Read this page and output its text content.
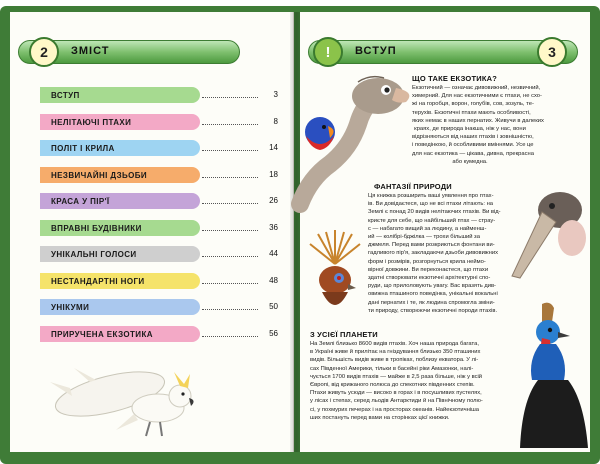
2	ЗМІСТ
ВСТУП	3
НЕЛІТАЮЧІ ПТАХИ	8
ПОЛІТ І КРИЛА	14
НЕЗВИЧАЙНІ ДЗЬОБИ	18
КРАСА У ПІР'Ї	26
ВПРАВНІ БУДІВНИКИ	36
УНІКАЛЬНІ ГОЛОСИ	44
НЕСТАНДАРТНІ НОГИ	48
УНІКУМИ	50
ПРИРУЧЕНА ЕКЗОТИКА	56
!	ВСТУП	3
ЩО ТАКЕ ЕКЗОТИКА?
Екзотичний — означає дивовижний, незвичний,
химерний. Для нас екзотичними є птахи, не схо-
жі на горобця, ворон, голубів, сов, зозуль, те-
терухів. Екзотичні птахи мають особливості,
яких немає в наших пернатих. Живучи в далеких
краях, де природа інакша, ніж у нас, вони
відрізняються від наших птахів і зовнішністю,
і поведінкою, й особливими вміннями. Усе це
для нас екзотика — цікава, дивна, прекрасна
або кумедна.
ФАНТАЗІЇ ПРИРОДИ
Ця книжка розширить ваші уявлення про птах-
ів. Ви довідаєтеся, що не всі птахи літають: на
Землі є понад 20 видів нелітаючих птахів. Ви від-
криєте для себе, що найбільший птах — страу-
с — набагато вищий за людину, а найменш-
ий — колібрі-бджілка — трохи більший за
джмеля. Перед вами розкриються фонтани ви-
гадливого пір'я, закладаючи дзьоби дивовижних
форм і розмірів, розгорнуться крила неймо-
вірної довжини. Ви переконаєтеся, що птахи
здатні створювати екзотичні архітектурні спо-
руди, що прилоловують увагу. Вас вразять див-
овижна пташиного поведінка, унікальні вокальні
дані пернатих і те, як людина спромогла зміни-
ти природу, створюючи екзотичні породи птахів.
З УСІЄЇ ПЛАНЕТИ
На Землі близько 8600 видів птахів. Хоч наша природа багата,
в Україні живе й прилітає на гніздування близько 350 пташиних
видів. Більшість видів живе в тропіках, поблизу екватора. У лі-
сах Південної Америки, тільки в басейні ріки Амазонки, налі-
чується 1700 видів птахів — майже в 2,5 раза більше, ніж у всій
Європі, від крижаного полюса до спекотних південних степів.
Птахи живуть усюди — високо в горах і в посушливих пустелях,
у лісах і степах, серед льодів Антарктиди й на Північному полю-
сі, у похмурих печерах і на просторах океанів. Найекзотичніша
ших постануть перед вами на сторінках цієї книжки.
